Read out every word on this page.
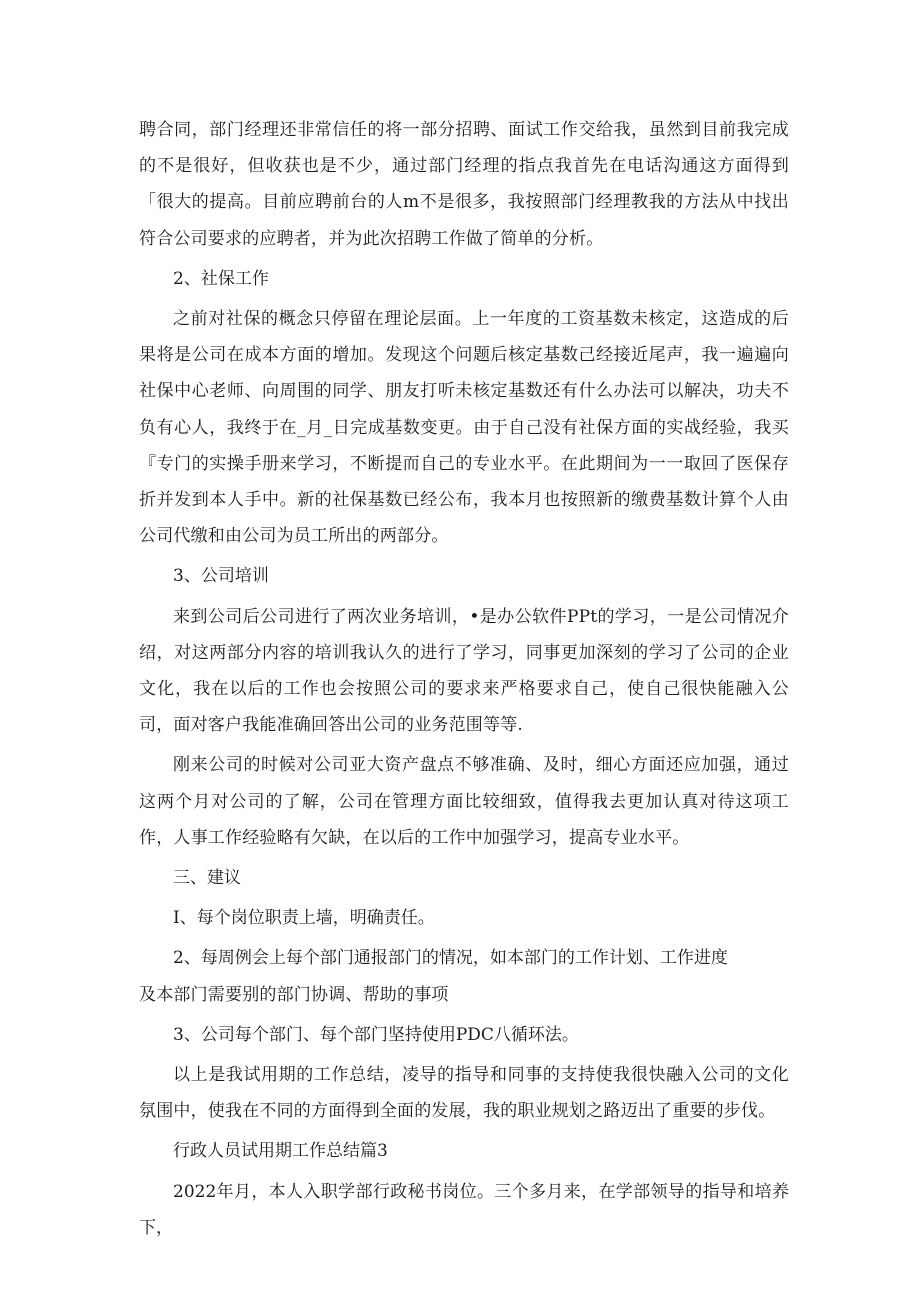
聘合同，部门经理还非常信任的将一部分招聘、面试工作交给我，虽然到目前我完成的不是很好，但收获也是不少，通过部门经理的指点我首先在电话沟通这方面得到「很大的提高。目前应聘前台的人m不是很多，我按照部门经理教我的方法从中找出符合公司要求的应聘者，并为此次招聘工作做了简单的分析。

2、社保工作

之前对社保的概念只停留在理论层面。上一年度的工资基数未核定，这造成的后果将是公司在成本方面的增加。发现这个问题后核定基数己经接近尾声，我一遍遍向社保中心老师、向周围的同学、朋友打听未核定基数还有什么办法可以解决，功夫不负有心人，我终于在_月_日完成基数变更。由于自己没有社保方面的实战经验，我买『专门的实操手册来学习，不断提而自己的专业水平。在此期间为一一取回了医保存折并发到本人手中。新的社保基数已经公布，我本月也按照新的缴费基数计算个人由公司代缴和由公司为员工所出的两部分。

3、公司培训

来到公司后公司进行了两次业务培训，•是办公软件PPt的学习，一是公司情况介绍，对这两部分内容的培训我认久的进行了学习，同事更加深刻的学习了公司的企业文化，我在以后的工作也会按照公司的要求来严格要求自己，使自己很快能融入公司，面对客户我能准确回答出公司的业务范围等等.

刚来公司的时候对公司亚大资产盘点不够准确、及时，细心方面还应加强，通过这两个月对公司的了解，公司在管理方面比较细致，值得我去更加认真对待这项工作，人事工作经验略有欠缺，在以后的工作中加强学习，提高专业水平。

三、建议

I、每个岗位职责上墙，明确责任。

2、每周例会上每个部门通报部门的情况，如本部门的工作计划、工作进度

及本部门需要别的部门协调、帮助的事项

3、公司每个部门、每个部门坚持使用PDC八循环法。

以上是我试用期的工作总结，凌导的指导和同事的支持使我很快融入公司的文化氛围中，使我在不同的方面得到全面的发展，我的职业规划之路迈出了重要的步伐。

行政人员试用期工作总结篇3

2022年月，本人入职学部行政秘书岗位。三个多月来，在学部领导的指导和培养下，
